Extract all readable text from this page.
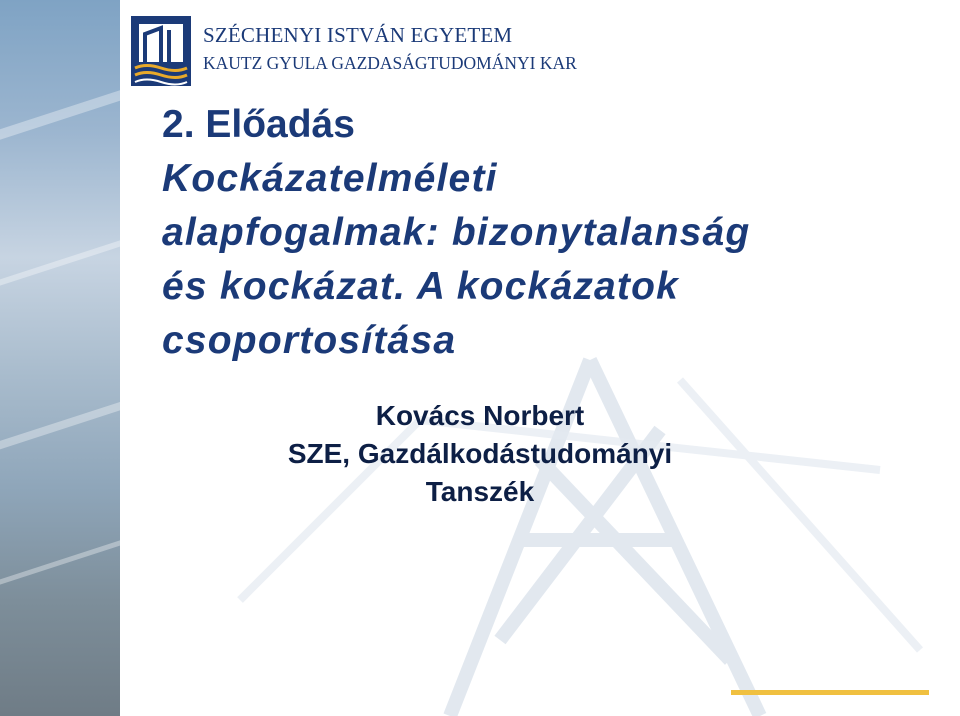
SZÉCHENYI ISTVÁN EGYETEM
KAUTZ GYULA GAZDASÁGTUDOMÁNYI KAR
2. Előadás
Kockázatelméleti
alapfogalmak: bizonytalanság
és kockázat. A kockázatok
csoportosítása
Kovács Norbert
SZE, Gazdálkodástudományi
Tanszék
